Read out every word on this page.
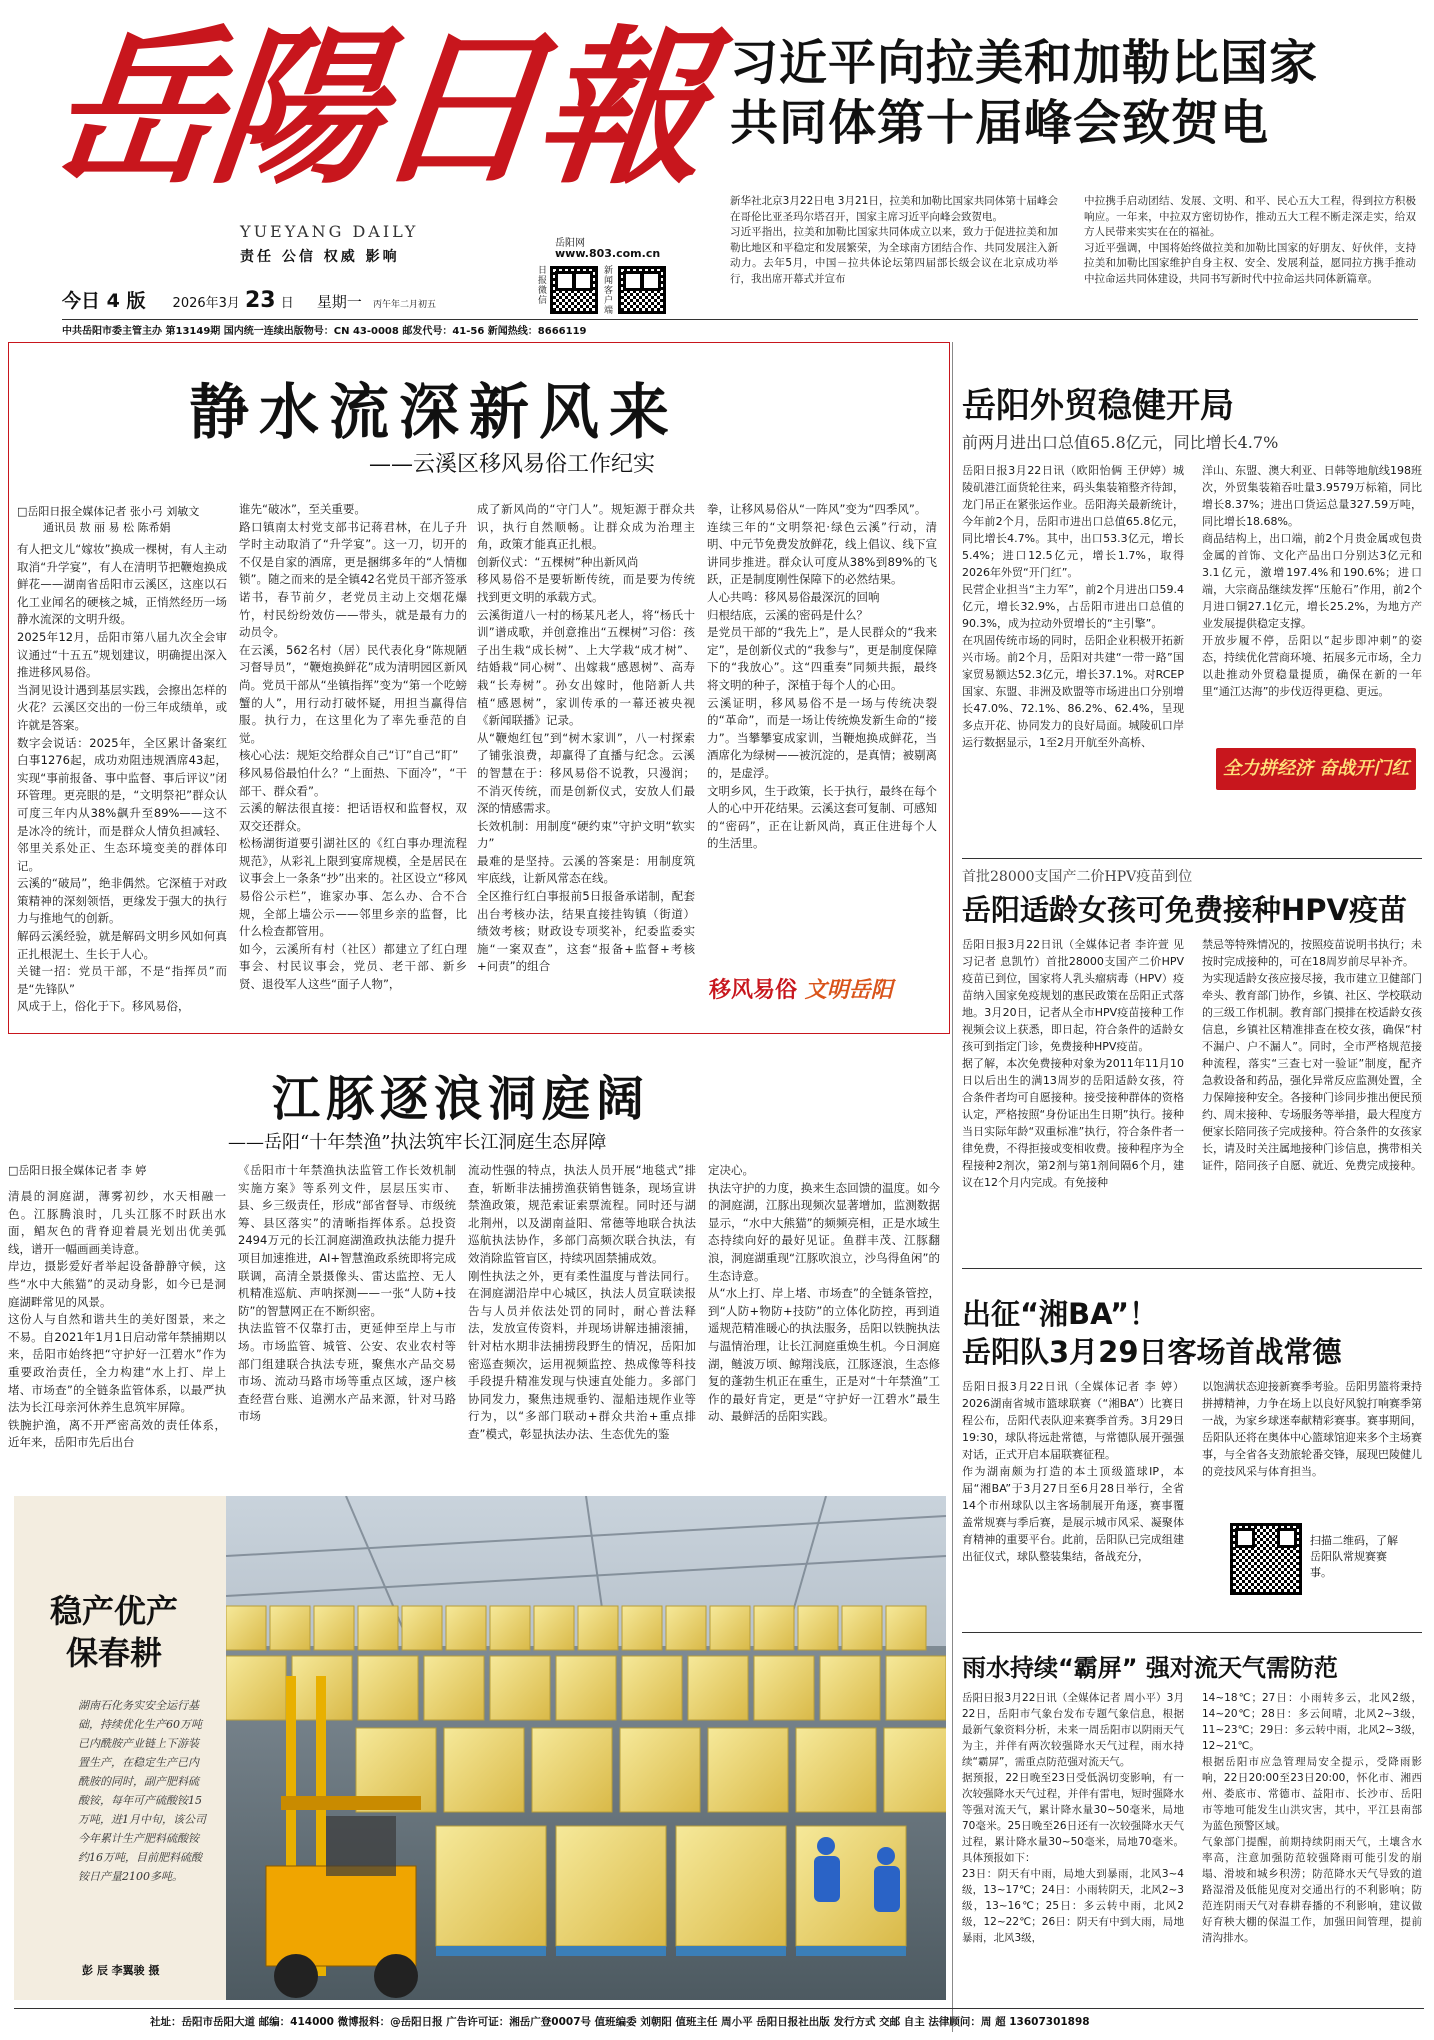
岳陽日報
YUEYANG DAILY
责任 公信 权威 影响
岳阳网
www.803.com.cn
日报微信
新闻客户端
今日 4 版 2026年3月 23 日 星期一 丙午年二月初五
中共岳阳市委主管主办 第13149期 国内统一连续出版物号：CN 43-0008 邮发代号：41-56 新闻热线：8666119
习近平向拉美和加勒比国家
共同体第十届峰会致贺电
新华社北京3月22日电 3月21日，拉美和加勒比国家共同体第十届峰会在哥伦比亚圣玛尔塔召开，国家主席习近平向峰会致贺电。
习近平指出，拉美和加勒比国家共同体成立以来，致力于促进拉美和加勒比地区和平稳定和发展繁荣，为全球南方团结合作、共同发展注入新动力。去年5月，中国－拉共体论坛第四届部长级会议在北京成功举行，我出席开幕式并宣布
中拉携手启动团结、发展、文明、和平、民心五大工程，得到拉方积极响应。一年来，中拉双方密切协作，推动五大工程不断走深走实，给双方人民带来实实在在的福祉。
习近平强调，中国将始终做拉美和加勒比国家的好朋友、好伙伴，支持拉美和加勒比国家维护自身主权、安全、发展利益，愿同拉方携手推动中拉命运共同体建设，共同书写新时代中拉命运共同体新篇章。
静水流深新风来
——云溪区移风易俗工作纪实
□岳阳日报全媒体记者 张小弓 刘敏文
通讯员 敖 丽 易 松 陈希娟
有人把文儿“嫁妆”换成一棵树，有人主动取消“升学宴”，有人在清明节把鞭炮换成鲜花——湖南省岳阳市云溪区，这座以石化工业闻名的硬核之城，正悄然经历一场静水流深的文明升级。
2025年12月，岳阳市第八届九次全会审议通过“十五五”规划建议，明确提出深入推进移风易俗。
当洞见设计遇到基层实践，会擦出怎样的火花？云溪区交出的一份三年成绩单，或许就是答案。
数字会说话：2025年，全区累计备案红白事1276起，成功劝阻违规酒席43起，实现“事前报备、事中监督、事后评议”闭环管理。更亮眼的是，“文明祭祀”群众认可度三年内从38%飙升至89%——这不是冰冷的统计，而是群众人情负担减轻、邻里关系处正、生态环境变美的群体印记。
云溪的“破局”，绝非偶然。它深植于对政策精神的深刻领悟，更缘发于强大的执行力与推地气的创新。
解码云溪经验，就是解码文明乡风如何真正扎根泥土、生长于人心。
关键一招：党员干部，不是“指挥员”而是“先锋队”
风成于上，俗化于下。移风易俗，
谁先“破冰”，至关重要。
路口镇南太村党支部书记蒋君林，在儿子升学时主动取消了“升学宴”。这一刀，切开的不仅是自家的酒席，更是捆绑多年的“人情枷锁”。随之而来的是全镇42名党员干部齐签承诺书，春节前夕，老党员主动上交烟花爆竹，村民纷纷效仿——带头，就是最有力的动员令。
在云溪，562名村（居）民代表化身“陈规陋习督导员”，“鞭炮换鲜花”成为清明园区新风尚。党员干部从“坐镇指挥”变为“第一个吃螃蟹的人”，用行动打破怀疑，用担当赢得信服。执行力，在这里化为了率先垂范的自觉。
核心心法：规矩交给群众自己“订”自己“盯”
移风易俗最怕什么？“上面热、下面冷”，“干部干、群众看”。
云溪的解法很直接：把话语权和监督权，双双交还群众。
松杨湖街道要引湖社区的《红白事办理流程规范》，从彩礼上限到宴席规模，全是居民在议事会上一条条“抄”出来的。社区设立“移风易俗公示栏”，谁家办事、怎么办、合不合规，全部上墙公示——邻里乡亲的监督，比什么检查都管用。
如今，云溪所有村（社区）都建立了红白理事会、村民议事会，党员、老干部、新乡贤、退役军人这些“面子人物”，
成了新风尚的“守门人”。规矩源于群众共识，执行自然顺畅。让群众成为治理主角，政策才能真正扎根。
创新仪式：“五棵树”种出新风尚
移风易俗不是要斩断传统，而是要为传统找到更文明的承载方式。
云溪街道八一村的杨某凡老人，将“杨氏十训”谱成歌，并创意推出“五棵树”习俗：孩子出生栽“成长树”、上大学栽“成才树”、结婚栽“同心树”、出嫁栽“感恩树”、高寿栽“长寿树”。孙女出嫁时，他陪新人共植“感恩树”，家训传承的一幕还被央视《新闻联播》记录。
从“鞭炮红包”到“树木家训”，八一村探索了铺张浪费，却赢得了直播与纪念。云溪的智慧在于：移风易俗不说教，只漫润；不消灭传统，而是创新仪式，安放人们最深的情感需求。
长效机制：用制度“硬约束”守护文明“软实力”
最难的是坚持。云溪的答案是：用制度筑牢底线，让新风常态在线。
全区推行红白事报前5日报备承诺制，配套出台考核办法，结果直接挂钩镇（街道）绩效考核；财政设专项奖补，纪委监委实施“一案双查”，这套“报备+监督+考核+问责”的组合
拳，让移风易俗从“一阵风”变为“四季风”。
连续三年的“文明祭祀·绿色云溪”行动，清明、中元节免费发放鲜花，线上倡议、线下宣讲同步推进。群众认可度从38%到89%的飞跃，正是制度刚性保障下的必然结果。
人心共鸣：移风易俗最深沉的回响
归根结底，云溪的密码是什么？
是党员干部的“我先上”，是人民群众的“我来定”，是创新仪式的“我参与”，更是制度保障下的“我放心”。这“四重奏”同频共振，最终将文明的种子，深植于每个人的心田。
云溪证明，移风易俗不是一场与传统决裂的“革命”，而是一场让传统焕发新生命的“接力”。当攀攀宴成家训，当鞭炮换成鲜花，当酒席化为绿树——被沉淀的，是真情；被剔离的，是虚浮。
文明乡风，生于政策，长于执行，最终在每个人的心中开花结果。云溪这套可复制、可感知的“密码”，正在让新风尚，真正住进每个人的生活里。
移风易俗 文明岳阳
岳阳外贸稳健开局
前两月进出口总值65.8亿元，同比增长4.7%
岳阳日报3月22日讯（欧阳怡俩 王伊婷）城陵矶港江面货轮往来，码头集装箱整齐待卸，龙门吊正在紧张运作业。岳阳海关最新统计，今年前2个月，岳阳市进出口总值65.8亿元，同比增长4.7%。其中，出口53.3亿元，增长5.4%；进口12.5亿元，增长1.7%，取得2026年外贸“开门红”。
民营企业担当“主力军”，前2个月进出口59.4亿元，增长32.9%，占岳阳市进出口总值的90.3%，成为拉动外贸增长的“主引擎”。
在巩固传统市场的同时，岳阳企业积极开拓新兴市场。前2个月，岳阳对共建“一带一路”国家贸易额达52.3亿元，增长37.1%。对RCEP国家、东盟、非洲及欧盟等市场进出口分别增长47.0%、72.1%、86.2%、62.4%，呈现多点开花、协同发力的良好局面。城陵矶口岸运行数据显示，1至2月开航至外高桥、
洋山、东盟、澳大利亚、日韩等地航线198班次，外贸集装箱吞吐量3.9579万标箱，同比增长8.37%；进出口货运总量327.59万吨，同比增长18.68%。
商品结构上，出口端，前2个月贵金属或包贵金属的首饰、文化产品出口分别达3亿元和3.1亿元，激增197.4%和190.6%；进口端，大宗商品继续发挥“压舱石”作用，前2个月进口铜27.1亿元，增长25.2%，为地方产业发展提供稳定支撑。
开放步履不停，岳阳以“起步即冲刺”的姿态，持续优化营商环境、拓展多元市场，全力以赴推动外贸稳量提质，确保在新的一年里“通江达海”的步伐迈得更稳、更远。
全力拼经济 奋战开门红
首批28000支国产二价HPV疫苗到位
岳阳适龄女孩可免费接种HPV疫苗
岳阳日报3月22日讯（全媒体记者 李许萱 见习记者 息凯竹）首批28000支国产二价HPV疫苗已到位，国家将人乳头瘤病毒（HPV）疫苗纳入国家免疫规划的惠民政策在岳阳正式落地。3月20日，记者从全市HPV疫苗接种工作视频会议上获悉，即日起，符合条件的适龄女孩可到指定门诊，免费接种HPV疫苗。
据了解，本次免费接种对象为2011年11月10日以后出生的满13周岁的岳阳适龄女孩，符合条件者均可自愿接种。接受接种群体的资格认定，严格按照“身份证出生日期”执行。接种当日实际年龄“双重标准”执行，符合条件者一律免费，不得拒接或变相收费。接种程序为全程接种2剂次，第2剂与第1剂间隔6个月，建议在12个月内完成。有免接种
禁忌等特殊情况的，按照疫苗说明书执行；未按时完成接种的，可在18周岁前尽早补齐。
为实现适龄女孩应接尽接，我市建立卫健部门牵头、教育部门协作，乡镇、社区、学校联动的三级工作机制。教育部门摸排在校适龄女孩信息，乡镇社区精准排查在校女孩，确保“村不漏户、户不漏人”。同时，全市严格规范接种流程，落实“三查七对一验证”制度，配齐急救设备和药品，强化异常反应监测处置，全力保障接种安全。各接种门诊同步推出便民预约、周末接种、专场服务等举措，最大程度方便家长陪同孩子完成接种。符合条件的女孩家长，请及时关注属地接种门诊信息，携带相关证件，陪同孩子自愿、就近、免费完成接种。
出征“湘BA”！
岳阳队3月29日客场首战常德
岳阳日报3月22日讯（全媒体记者 李 婷）2026湖南省城市篮球联赛（“湘BA”）比赛日程公布，岳阳代表队迎来赛季首秀。3月29日19:30，球队将远赴常德，与常德队展开强强对话，正式开启本届联赛征程。
作为湖南颇为打造的本土顶级篮球IP，本届“湘BA”于3月27日至6月28日举行，全省14个市州球队以主客场制展开角逐，赛事覆盖常规赛与季后赛，是展示城市风采、凝聚体育精神的重要平台。此前，岳阳队已完成组建出征仪式，球队整装集结，备战充分，
以饱满状态迎接新赛季考验。岳阳男篮将秉持拼搏精神，力争在场上以良好风貌打响赛季第一战，为家乡球迷奉献精彩赛事。赛事期间，岳阳队还将在奥体中心篮球馆迎来多个主场赛事，与全省各支劲旅轮番交锋，展现巴陵健儿的竞技风采与体育担当。
扫描二维码，了解岳阳队常规赛赛事。
雨水持续“霸屏” 强对流天气需防范
岳阳日报3月22日讯（全媒体记者 周小平）3月22日，岳阳市气象台发布专题气象信息，根据最新气象资料分析，未来一周岳阳市以阴雨天气为主，并伴有两次较强降水天气过程，雨水持续“霸屏”，需重点防范强对流天气。
据预报，22日晚至23日受低涡切变影响，有一次较强降水天气过程，并伴有雷电，短时强降水等强对流天气，累计降水量30~50毫米，局地70毫米。25日晚至26日还有一次较强降水天气过程，累计降水量30~50毫米，局地70毫米。具体预报如下：
23日：阴天有中雨，局地大到暴雨，北风3~4级，13~17℃；24日：小雨转阴天，北风2~3级，13~16℃；25日：多云转中雨，北风2级，12~22℃；26日：阴天有中到大雨，局地暴雨，北风3级，
14~18℃；27日：小雨转多云，北风2级，14~20℃；28日：多云间晴，北风2~3级，11~23℃；29日：多云转中雨，北风2~3级，12~21℃。
根据岳阳市应急管理局安全提示，受降雨影响，22日20:00至23日20:00，怀化市、湘西州、娄底市、常德市、益阳市、长沙市、岳阳市等地可能发生山洪灾害，其中，平江县南部为蓝色预警区域。
气象部门提醒，前期持续阴雨天气，土壤含水率高，注意加强防范较强降雨可能引发的崩塌、滑坡和城乡积涝；防范降水天气导致的道路湿滑及低能见度对交通出行的不利影响；防范连阴雨天气对春耕春播的不利影响，建议做好育秧大棚的保温工作，加强田间管理，提前清沟排水。
江豚逐浪洞庭阔
——岳阳“十年禁渔”执法筑牢长江洞庭生态屏障
□岳阳日报全媒体记者 李 婷
清晨的洞庭湖，薄雾初纱，水天相融一色。江豚腾浪时，几头江豚不时跃出水面，鲳灰色的背脊迎着晨光划出优美弧线，谱开一幅画画美诗意。
岸边，摄影爱好者举起设备静静守候，这些“水中大熊猫”的灵动身影，如今已是洞庭湖畔常见的风景。
这份人与自然和谐共生的美好图景，来之不易。自2021年1月1日启动常年禁捕期以来，岳阳市始终把“守护好一江碧水”作为重要政治责任，全力构建“水上打、岸上堵、市场查”的全链条监管体系，以最严执法为长江母亲河休养生息筑牢屏障。
铁腕护渔，离不开严密高效的责任体系，近年来，岳阳市先后出台
《岳阳市十年禁渔执法监管工作长效机制实施方案》等系列文件，层层压实市、县、乡三级责任，形成“部省督导、市级统筹、县区落实”的清晰指挥体系。总投资2494万元的长江洞庭湖渔政执法能力提升项目加速推进，AI+智慧渔政系统即将完成联调，高清全景摄像头、雷达监控、无人机精准巡航、声呐探测——一张“人防+技防”的智慧网正在不断织密。
执法监管不仅靠打击，更延伸至岸上与市场。市场监管、城管、公安、农业农村等部门组建联合执法专班，聚焦水产品交易市场、流动马路市场等重点区域，逐户核查经营台账、追溯水产品来源，针对马路市场
流动性强的特点，执法人员开展“地毯式”排查，斩断非法捕捞渔获销售链条，现场宣讲禁渔政策，规范索证索票流程。同时还与湖北荆州，以及湖南益阳、常德等地联合执法巡航执法协作，多部门高频次联合执法，有效消除监管盲区，持续巩固禁捕成效。
刚性执法之外，更有柔性温度与普法同行。在洞庭湖沿岸中心城区，执法人员宣联读报告与人员并依法处罚的同时，耐心普法释法，发放宣传资料，并现场讲解违捕滚捕，针对枯水期非法捕捞段野生的情况，岳阳加密巡查频次，运用视频监控、热成像等科技手段提升精准发现与快速直处能力。多部门协同发力，聚焦违规垂钓、湿船违规作业等行为，以“多部门联动+群众共治+重点排查”模式，彰显执法办法、生态优先的鉴
定决心。
执法守护的力度，换来生态回馈的温度。如今的洞庭湖，江豚出现频次显著增加，监测数据显示，“水中大熊猫”的频频亮相，正是水域生态持续向好的最好见证。鱼群丰茂、江豚翻浪，洞庭湖重现“江豚吹浪立，沙鸟得鱼闲”的生态诗意。
从“水上打、岸上堵、市场查”的全链条管控，到“人防+物防+技防”的立体化防控，再到逍遥规范精准暖心的执法服务，岳阳以铁腕执法与温情治理，让长江洞庭重焕生机。今日洞庭湖，鲢波万顷、鲸翔浅底，江豚逐浪，生态修复的蓬勃生机正在重生，正是对“十年禁渔”工作的最好肯定，更是“守护好一江碧水”最生动、最鲜活的岳阳实践。
稳产优产
保春耕
湖南石化务实安全运行基础，持续优化生产60万吨已内酰胺产业链上下游装置生产，在稳定生产已内酰胺的同时，副产肥料硫酸铵，每年可产硫酸铵15万吨，进1月中旬，该公司今年累计生产肥料硫酸铵约16万吨，目前肥料硫酸铵日产量2100多吨。
彭 辰 李翼骏 摄
社址：岳阳市岳阳大道 邮编：414000 微博报料：@岳阳日报 广告许可证：湘岳广登0007号 值班编委 刘朝阳 值班主任 周小平 岳阳日报社出版 发行方式 交邮 自主 法律顾问：周 超 13607301898
